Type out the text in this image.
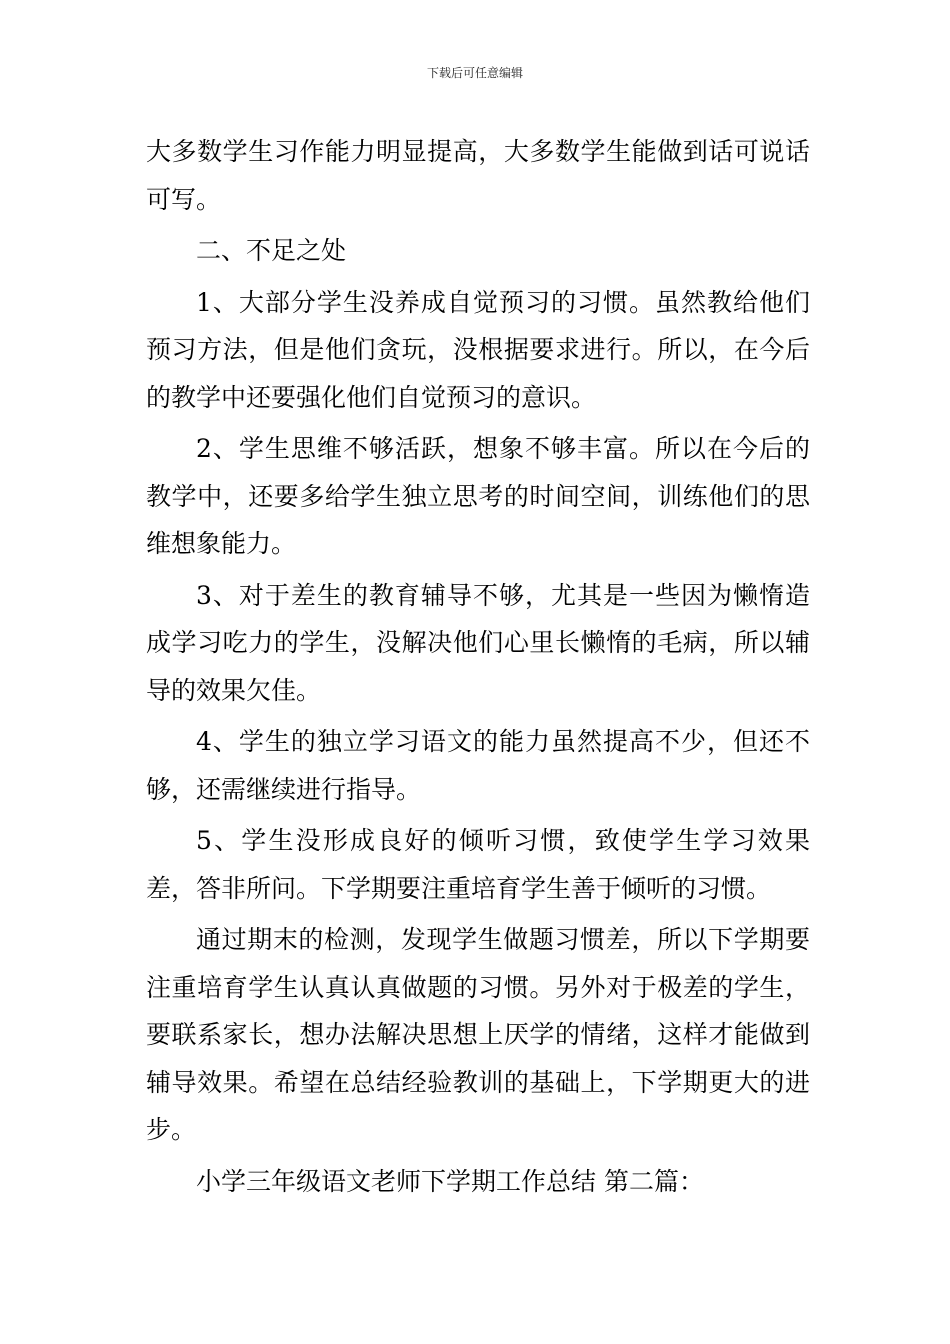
下载后可任意编辑

大多数学生习作能力明显提高，大多数学生能做到话可说话可写。

二、不足之处

1、大部分学生没养成自觉预习的习惯。虽然教给他们预习方法，但是他们贪玩，没根据要求进行。所以，在今后的教学中还要强化他们自觉预习的意识。

2、学生思维不够活跃，想象不够丰富。所以在今后的教学中，还要多给学生独立思考的时间空间，训练他们的思维想象能力。

3、对于差生的教育辅导不够，尤其是一些因为懒惰造成学习吃力的学生，没解决他们心里长懒惰的毛病，所以辅导的效果欠佳。

4、学生的独立学习语文的能力虽然提高不少，但还不够，还需继续进行指导。

5、学生没形成良好的倾听习惯，致使学生学习效果差，答非所问。下学期要注重培育学生善于倾听的习惯。

通过期末的检测，发现学生做题习惯差，所以下学期要注重培育学生认真认真做题的习惯。另外对于极差的学生，要联系家长，想办法解决思想上厌学的情绪，这样才能做到辅导效果。希望在总结经验教训的基础上，下学期更大的进步。

小学三年级语文老师下学期工作总结 第二篇：
